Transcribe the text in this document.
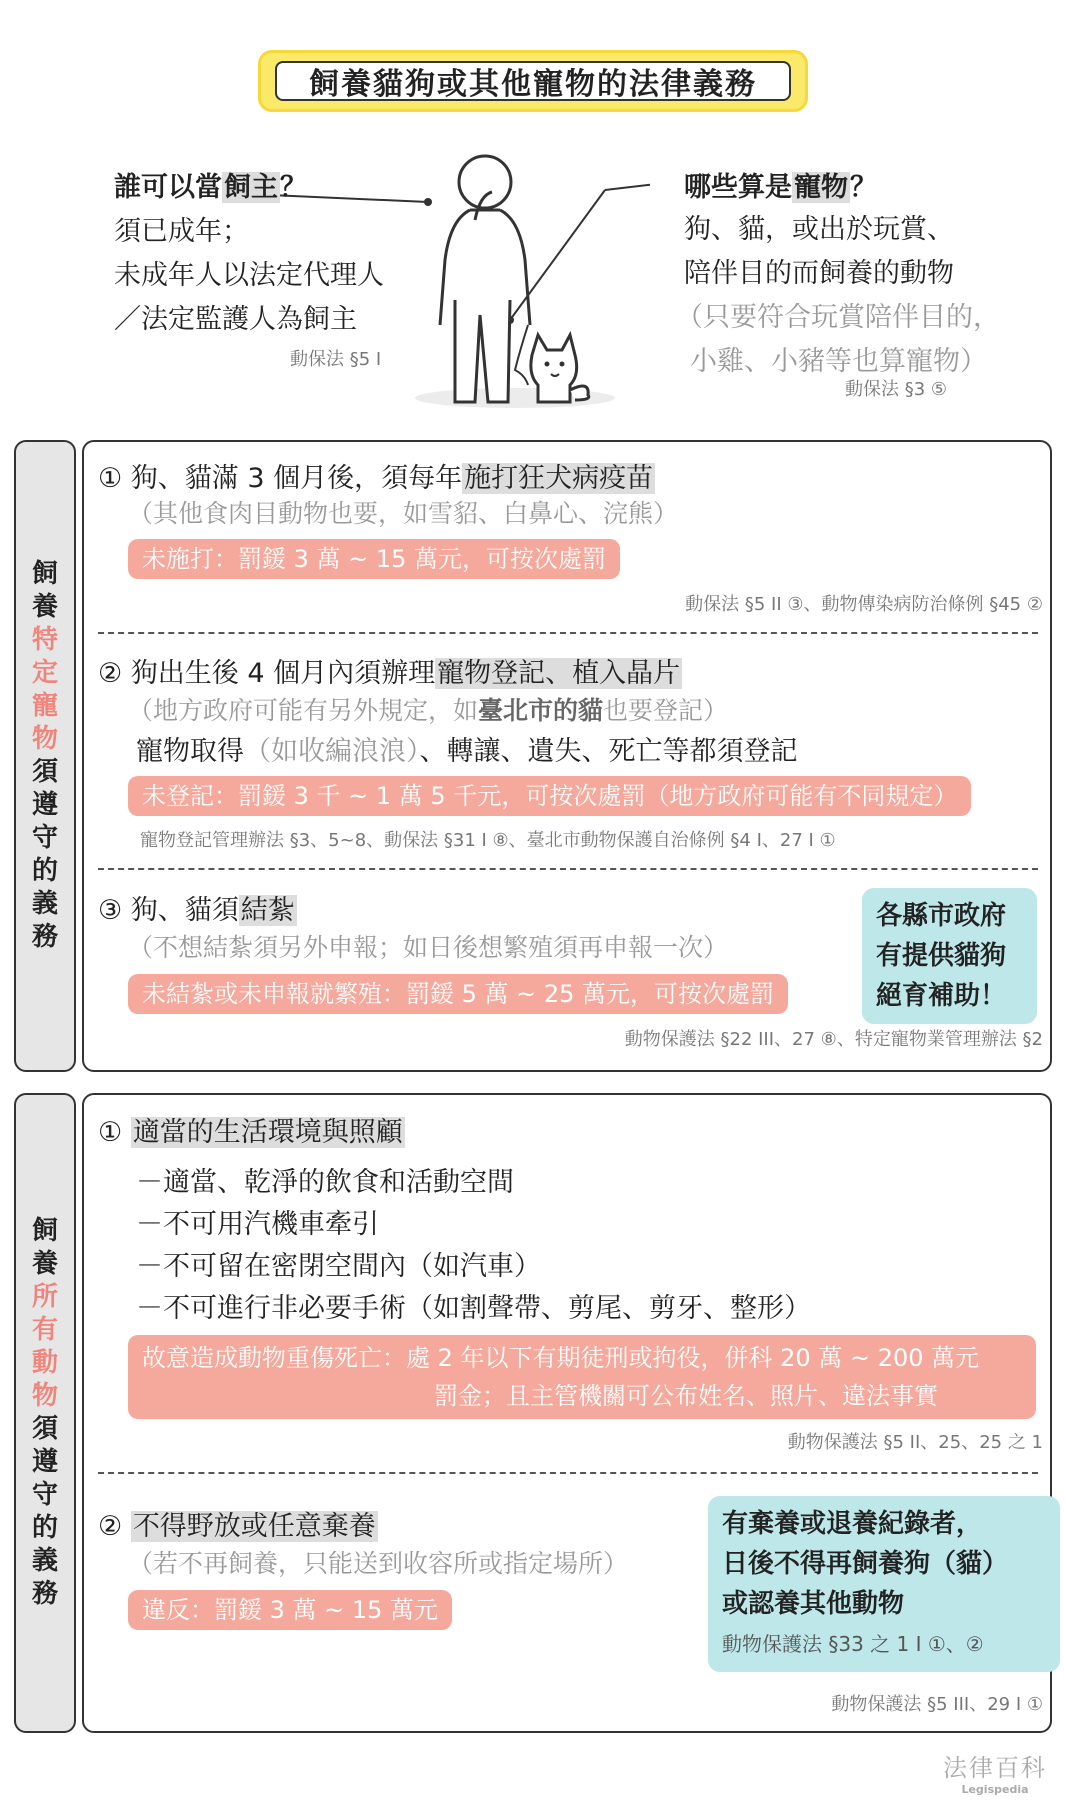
飼養貓狗或其他寵物的法律義務
誰可以當飼主？
須已成年；
未成年人以法定代理人
／法定監護人為飼主
動保法 §5 I
哪些算是寵物？
狗、貓，或出於玩賞、
陪伴目的而飼養的動物
（只要符合玩賞陪伴目的，
小雞、小豬等也算寵物）
動保法 §3 ⑤
飼
養
特
定
寵
物
須
遵
守
的
義
務
① 狗、貓滿 3 個月後，須每年施打狂犬病疫苗
（其他食肉目動物也要，如雪貂、白鼻心、浣熊）
未施打：罰鍰 3 萬 ~ 15 萬元，可按次處罰
動保法 §5 II ③、動物傳染病防治條例 §45 ②
② 狗出生後 4 個月內須辦理寵物登記、植入晶片
（地方政府可能有另外規定，如臺北市的貓也要登記）
寵物取得（如收編浪浪）、轉讓、遺失、死亡等都須登記
未登記：罰鍰 3 千 ~ 1 萬 5 千元，可按次處罰（地方政府可能有不同規定）
寵物登記管理辦法 §3、5~8、動保法 §31 I ⑧、臺北市動物保護自治條例 §4 I、27 I ①
③ 狗、貓須結紮
（不想結紮須另外申報；如日後想繁殖須再申報一次）
未結紮或未申報就繁殖：罰鍰 5 萬 ~ 25 萬元，可按次處罰
各縣市政府
有提供貓狗
絕育補助！
動物保護法 §22 III、27 ⑧、特定寵物業管理辦法 §2
飼
養
所
有
動
物
須
遵
守
的
義
務
① 適當的生活環境與照顧
－適當、乾淨的飲食和活動空間
－不可用汽機車牽引
－不可留在密閉空間內（如汽車）
－不可進行非必要手術（如割聲帶、剪尾、剪牙、整形）
故意造成動物重傷死亡：處 2 年以下有期徒刑或拘役，併科 20 萬 ~ 200 萬元
罰金；且主管機關可公布姓名、照片、違法事實
動物保護法 §5 II、25、25 之 1
② 不得野放或任意棄養
（若不再飼養，只能送到收容所或指定場所）
違反：罰鍰 3 萬 ~ 15 萬元
有棄養或退養紀錄者，
日後不得再飼養狗（貓）
或認養其他動物
動物保護法 §33 之 1 I ①、②
動物保護法 §5 III、29 I ①
法律百科
Legispedia
